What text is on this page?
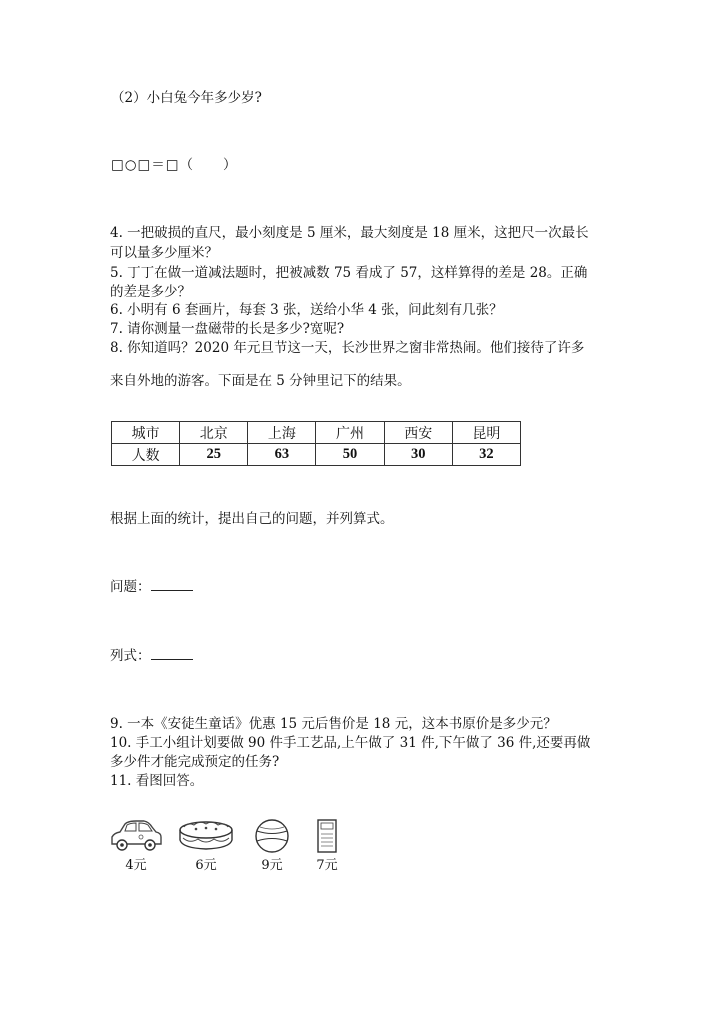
（2）小白兔今年多少岁?
□○□＝□（　　）
4. 一把破损的直尺，最小刻度是 5 厘米，最大刻度是 18 厘米，这把尺一次最长
可以量多少厘米？
5. 丁丁在做一道减法题时，把被减数 75 看成了 57，这样算得的差是 28。正确
的差是多少？
6. 小明有 6 套画片，每套 3 张，送给小华 4 张，问此刻有几张？
7. 请你测量一盘磁带的长是多少?宽呢?
8. 你知道吗？2020 年元旦节这一天，长沙世界之窗非常热闹。他们接待了许多
来自外地的游客。下面是在 5 分钟里记下的结果。
城市	北京	上海	广州	西安	昆明
人数	25	63	50	30	32
根据上面的统计，提出自己的问题，并列算式。
问题：
列式：
9. 一本《安徒生童话》优惠 15 元后售价是 18 元，这本书原价是多少元？
10. 手工小组计划要做 90 件手工艺品,上午做了 31 件,下午做了 36 件,还要再做
多少件才能完成预定的任务?
11. 看图回答。
4元	6元	9元	7元
